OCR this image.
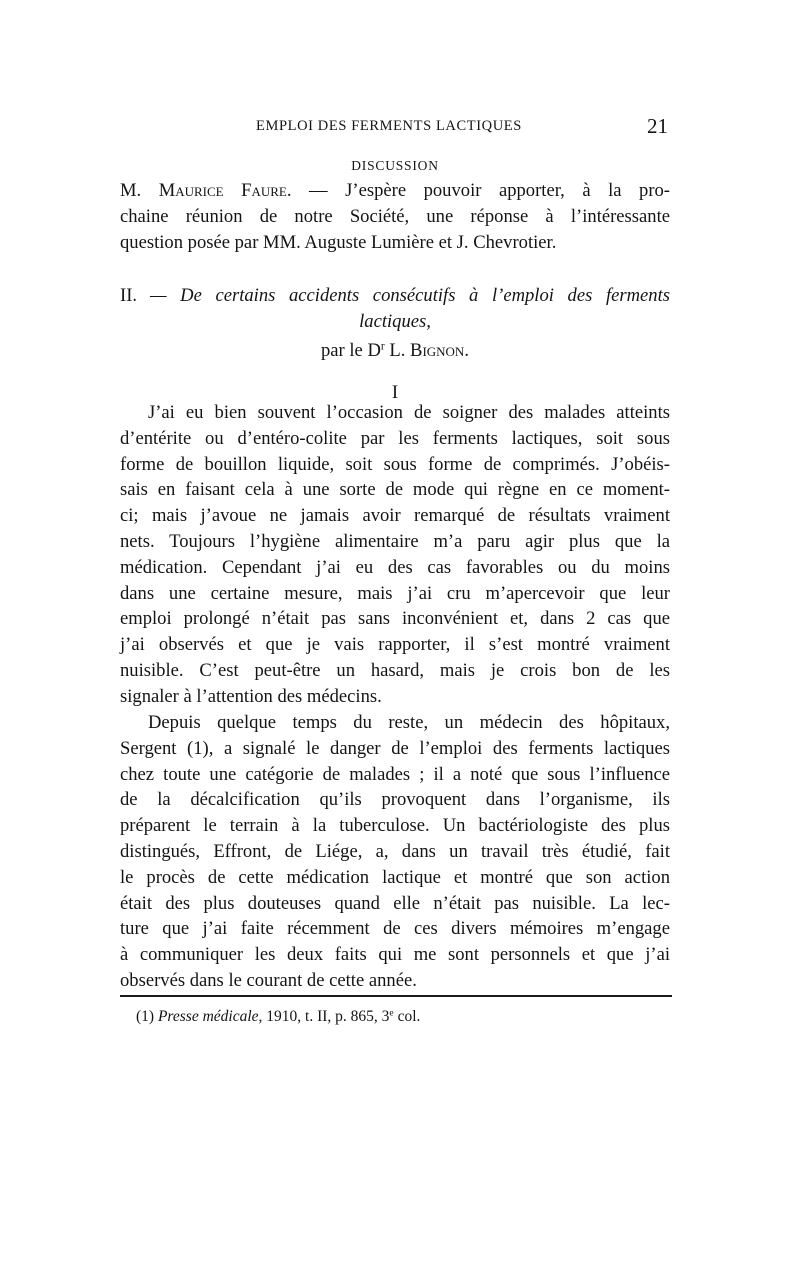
EMPLOI DES FERMENTS LACTIQUES	21
DISCUSSION
M. Maurice Faure. — J’espère pouvoir apporter, à la pro-
chaine réunion de notre Société, une réponse à l’intéressante
question posée par MM. Auguste Lumière et J. Chevrotier.
II. — De certains accidents consécutifs à l’emploi des ferments
lactiques,
par le $D^r$ L. Bignon.
I
J’ai eu bien souvent l’occasion de soigner des malades atteints
d’entérite ou d’entéro-colite par les ferments lactiques, soit sous
forme de bouillon liquide, soit sous forme de comprimés. J’obéis-
sais en faisant cela à une sorte de mode qui règne en ce moment-
ci; mais j’avoue ne jamais avoir remarqué de résultats vraiment
nets. Toujours l’hygiène alimentaire m’a paru agir plus que la
médication. Cependant j’ai eu des cas favorables ou du moins
dans une certaine mesure, mais j’ai cru m’apercevoir que leur
emploi prolongé n’était pas sans inconvénient et, dans 2 cas que
j’ai observés et que je vais rapporter, il s’est montré vraiment
nuisible. C’est peut-être un hasard, mais je crois bon de les
signaler à l’attention des médecins.
Depuis quelque temps du reste, un médecin des hôpitaux,
Sergent (1), a signalé le danger de l’emploi des ferments lactiques
chez toute une catégorie de malades ; il a noté que sous l’influence
de la décalcification qu’ils provoquent dans l’organisme, ils
préparent le terrain à la tuberculose. Un bactériologiste des plus
distingués, Effront, de Liége, a, dans un travail très étudié, fait
le procès de cette médication lactique et montré que son action
était des plus douteuses quand elle n’était pas nuisible. La lec-
ture que j’ai faite récemment de ces divers mémoires m’engage
à communiquer les deux faits qui me sont personnels et que j’ai
observés dans le courant de cette année.
(1) Presse médicale, 1910, t. II, p. 865, 3e col.
